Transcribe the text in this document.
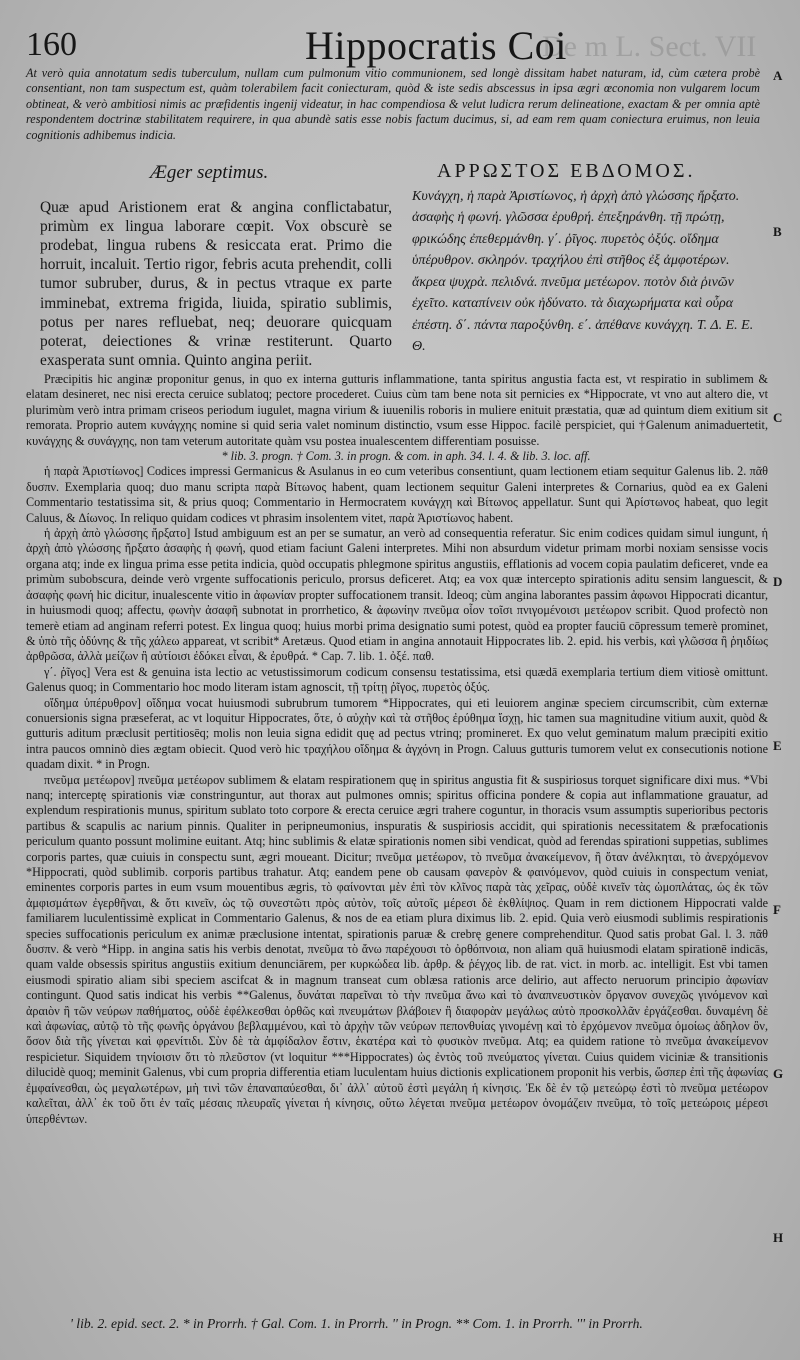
De m L. Sect. VII
160	Hippocratis Coi
At verò quia annotatum sedis tuberculum, nullam cum pulmonum vitio communionem, sed longè dissitam habet naturam, id, cùm cætera probè consentiant, non tam suspectum est, quàm tolerabilem facit coniecturam, quòd & iste sedis abscessus in ipsa ægri œconomia non vulgarem locum obtineat, & verò ambitiosi nimis ac præfidentis ingenij videatur, in hac compendiosa & velut ludicra rerum delineatione, exactam & per omnia aptè respondentem doctrinæ stabilitatem requirere, in qua abundè satis esse nobis factum ducimus, si, ad eam rem quam coniectura eruimus, non leuia cognitionis adhibemus indicia.
Æger septimus.	ΑΡΡΩΣΤΟΣ ΕΒΔΟΜΟΣ.
Quæ apud Aristionem erat & angina conflictabatur, primùm ex lingua laborare cœpit. Vox obscurè se prodebat, lingua rubens & resiccata erat. Primo die horruit, incaluit. Tertio rigor, febris acuta prehendit, colli tumor subruber, durus, & in pectus vtraque ex parte imminebat, extrema frigida, liuida, spiratio sublimis, potus per nares refluebat, neq; deuorare quicquam poterat, deiectiones & vrinæ restiterunt. Quarto exasperata sunt omnia. Quinto angina periit.
Κυνάγχη, ἡ παρὰ Ἀριστίωνος, ἡ ἀρχὴ ἀπὸ γλώσσης ἤρξατο. ἀσαφὴς ἡ φωνή. γλῶσσα ἐρυθρή. ἐπεξηράνθη. τῇ πρώτῃ, φρικώδης ἐπεθερμάνθη. γ΄. ῥῖγος. πυρετὸς ὀξύς. οἴδημα ὑπέρυθρον. σκληρόν. τραχήλου ἐπὶ στῆθος ἐξ ἀμφοτέρων. ἄκρεα ψυχρὰ. πελιδνά. πνεῦμα μετέωρον. ποτὸν διὰ ῥινῶν ἐχεῖτο. καταπίνειν οὐκ ἠδύνατο. τὰ διαχωρήματα καὶ οὖρα ἐπέστη. δ΄. πάντα παροξύνθη. ε΄. ἀπέθανε κυνάγχη. Τ. Δ. Ε. Ε. Θ.

Præcipitis hic anginæ proponitur genus, in quo ex interna gutturis inflammatione, tanta spiritus angustia facta est, vt respiratio in sublimem & elatam desineret, nec nisi erecta ceruice sublatoq; pectore procederet. Cuius cùm tam bene nota sit pernicies ex *Hippocrate, vt vno aut altero die, vt plurimùm verò intra primam criseos periodum iugulet, magna virium & iuuenilis roboris in muliere enituit præstatia, quæ ad quintum diem exitium sit remorata. Proprio autem κυνάγχης nomine si quid seria valet nominum distinctio, vsum esse Hippoc. facilè perspiciet, qui †Galenum animaduertetit, κυνάγχης & συνάγχης, non tam veterum autoritate quàm vsu postea inualescentem differentiam posuisse.

* lib. 3. progn. † Com. 3. in progn. & com. in aph. 34. l. 4. & lib. 3. loc. aff.

ἡ παρὰ Ἀριστίωνος] Codices impressi Germanicus & Asulanus in eo cum veteribus consentiunt, quam lectionem etiam sequitur Galenus lib. 2. πᾶθ δυσπν. Exemplaria quoq; duo manu scripta παρὰ Βίτωνος habent, quam lectionem sequitur Galeni interpretes & Cornarius, quòd ea ex Galeni Commentario testatissima sit, & prius quoq; Commentario in Hermocratem κυνάγχη καὶ Βίτωνος appellatur. Sunt qui Ἀρίστωνος habeat, quo legit Caluus, & Δίωνος. In reliquo quidam codices vt phrasim insolentem vitet, παρὰ Ἀριστίωνος habent.

ἡ ἀρχὴ ἀπὸ γλώσσης ἤρξατο] Istud ambiguum est an per se sumatur, an verò ad consequentia referatur. Sic enim codices quidam simul iungunt, ἡ ἀρχὴ ἀπὸ γλώσσης ἤρξατο ἀσαφὴς ἡ φωνή, quod etiam faciunt Galeni interpretes. Mihi non absurdum videtur primam morbi noxiam sensisse vocis organa atq; inde ex lingua prima esse petita indicia, quòd occupatis phlegmone spiritus angustiis, efflationis ad vocem copia paulatim deficeret, vnde ea primùm subobscura, deinde verò vrgente suffocationis periculo, prorsus deficeret. Atq; ea vox quæ intercepto spirationis aditu sensim languescit, & ἀσαφὴς φωνή hic dicitur, inualescente vitio in ἀφωνίαν propter suffocationem transit. Ideoq; cùm angina laborantes passim ἀφωνοι Hippocrati dicantur, in huiusmodi quoq; affectu, φωνὴν ἀσαφῆ subnotat in prorrhetico, & ἀφωνίην πνεῦμα οἷον τοῖσι πνιγομένοισι μετέωρον scribit. Quod profectò non temerè etiam ad anginam referri potest. Ex lingua quoq; huius morbi prima designatio sumi potest, quòd ea propter fauciū cōpressum temerè prominet, & ὑπὸ τῆς ὀδύνης & τῆς χάλεω appareat, vt scribit* Aretæus. Quod etiam in angina annotauit Hippocrates lib. 2. epid. his verbis, καὶ γλῶσσα ἢ ῥηιδίως ἀρθρῶσα, ἀλλὰ μείζων ἢ αὐτίοισι ἐδόκει εἶναι, & ἐρυθρά. * Cap. 7. lib. 1. ὀξέ. παθ.

γ΄. ῥῖγος] Vera est & genuina ista lectio ac vetustissimorum codicum consensu testatissima, etsi quædā exemplaria tertium diem vitiosè omittunt. Galenus quoq; in Commentario hoc modo literam istam agnoscit, τῇ τρίτῃ ῥῖγος, πυρετὸς ὀξύς.

οἴδημα ὑπέρυθρον] οἴδημα vocat huiusmodi subrubrum tumorem *Hippocrates, qui eti leuiorem anginæ speciem circumscribit, cùm externæ conuersionis signa præseferat, ac vt loquitur Hippocrates, ὅτε, ὁ αὐχὴν καὶ τὰ στῆθος ἐρύθημα ἴσχῃ, hic tamen sua magnitudine vitium auxit, quòd & gutturis aditum præclusit pertitiosēq; molis non leuia signa edidit quę ad pectus vtrinq; promineret. Ex quo velut geminatum malum præcipiti exitio intra paucos omninò dies ægtam obiecit. Quod verò hic τραχήλου οἴδημα & ἀγχόνη in Progn. Caluus gutturis tumorem velut ex consecutionis notione quadam dixit. * in Progn.

πνεῦμα μετέωρον] πνεῦμα μετέωρον sublimem & elatam respirationem quę in spiritus angustia fit & suspiriosus torquet significare dixi mus. *Vbi nanq; interceptę spirationis viæ constringuntur, aut thorax aut pulmones omnis; spiritus officina pondere & copia aut inflammatione grauatur, ad explendum respirationis munus, spiritum sublato toto corpore & erecta ceruice ægri trahere coguntur, in thoracis vsum assumptis superioribus pectoris partibus & scapulis ac narium pinnis. Qualiter in peripneumonius, inspuratis & suspiriosis accidit, qui spirationis necessitatem & præfocationis periculum quanto possunt molimine euitant. Atq; hinc sublimis & elatæ spirationis nomen sibi vendicat, quòd ad ferendas spirationi suppetias, sublimes corporis partes, quæ cuiuis in conspectu sunt, ægri moueant. Dicitur; πνεῦμα μετέωρον, τὸ πνεῦμα ἀνακείμενον, ἢ ὅταν ἀνέλκηται, τὸ ἀνερχόμενον *Hippocrati, quòd sublimib. corporis partibus trahatur. Atq; eandem pene ob causam φανερὸν & φαινόμενον, quòd cuiuis in conspectum veniat, eminentes corporis partes in eum vsum mouentibus ægris, τὸ φαίνονται μὲν ἐπὶ τὸν κλῖνος παρὰ τὰς χεῖρας, οὐδὲ κινεῖν τὰς ὠμοπλάτας, ὡς ἐκ τῶν ἀμφισμάτων ἐγερθῆναι, & ὅτι κινεῖν, ὡς τῷ συνεστῶτι πρὸς αὐτὸν, τοῖς αὐτοῖς μέρεσι δὲ ἐκθλίψιος. Quam in rem dictionem Hippocrati valde familiarem luculentissimè explicat in Commentario Galenus, & nos de ea etiam plura diximus lib. 2. epid. Quia verò eiusmodi sublimis respirationis species suffocationis periculum ex animæ præclusione intentat, spirationis paruæ & crebrę genere comprehenditur. Quod satis probat Gal. l. 3. πᾶθ δυσπν. & verò *Hipp. in angina satis his verbis denotat, πνεῦμα τὸ ἄνω παρέχουσι τὸ ὀρθόπνοια, non aliam quā huiusmodi elatam spirationē indicās, quam valde obsessis spiritus angustiis exitium denunciārem, per κυρκώδεα lib. ἀρθρ. & ῥέγχος lib. de rat. vict. in morb. ac. intelligit. Est vbi tamen eiusmodi spiratio aliam sibi speciem ascifcat & in magnum transeat cum oblæsa rationis arce delirio, aut affecto neruorum principio ἀφωνίαν contingunt. Quod satis indicat his verbis **Galenus, δυνάται παρεῖναι τὸ τὴν πνεῦμα ἄνω καὶ τὸ ἀναπνευστικὸν ὄργανον συνεχῶς γινόμενον καὶ ἀραιὸν ἢ τῶν νεύρων παθήματος, οὐδὲ ἐφέλκεσθαι ὀρθῶς καὶ πνευμάτων βλάβοιεν ἢ διαφορὰν μεγάλως αὐτὸ προσκολλᾶν ἐργάζεσθαι. δυναμένη δὲ καὶ ἀφωνίας, αὐτῷ τὸ τῆς φωνῆς ὀργάνου βεβλαμμένου, καὶ τὸ ἀρχὴν τῶν νεύρων πεπονθυίας γινομένῃ καὶ τὸ ἐρχόμενον πνεῦμα ὁμοίως ἀδηλον ὂν, ὅσον διὰ τῆς γίνεται καὶ φρενίτιδι. Σὺν δὲ τὰ ἀμφίδαλον ἔστιν, ἑκατέρα καὶ τὸ φυσικὸν πνεῦμα. Atq; ea quidem ratione τὸ πνεῦμα ἀνακείμενον respicietur. Siquidem τηνίοισιν ὅτι τὸ πλεῦστον (vt loquitur ***Hippocrates) ὡς ἐντὸς τοῦ πνεύματος γίνεται. Cuius quidem viciniæ & transitionis dilucidè quoq; meminit Galenus, vbi cum propria differentia etiam luculentam huius dictionis explicationem proponit his verbis, ὥσπερ ἐπὶ τῆς ἀφωνίας ἐμφαίνεσθαι, ὡς μεγαλωτέρων, μὴ τινὶ τῶν ἐπαναπαύεσθαι, δι᾽ ἀλλ᾽ αὐτοῦ ἐστὶ μεγάλη ἡ κίνησις. Ἐκ δὲ ἐν τῷ μετεώρῳ ἐστὶ τὸ πνεῦμα μετέωρον καλεῖται, ἀλλ᾽ ἐκ τοῦ ὅτι ἐν ταῖς μέσαις πλευραῖς γίνεται ἡ κίνησις, οὕτω λέγεται πνεῦμα μετέωρον ὀνομάζειν πνεῦμα, τὸ τοῖς μετεώροις μέρεσι ὑπερθέντων.

' lib. 2. epid. sect. 2. * in Prorrh. † Gal. Com. 1. in Prorrh. '' in Progn. ** Com. 1. in Prorrh. ''' in Prorrh.
A
B
C
D
E
F
G
H
